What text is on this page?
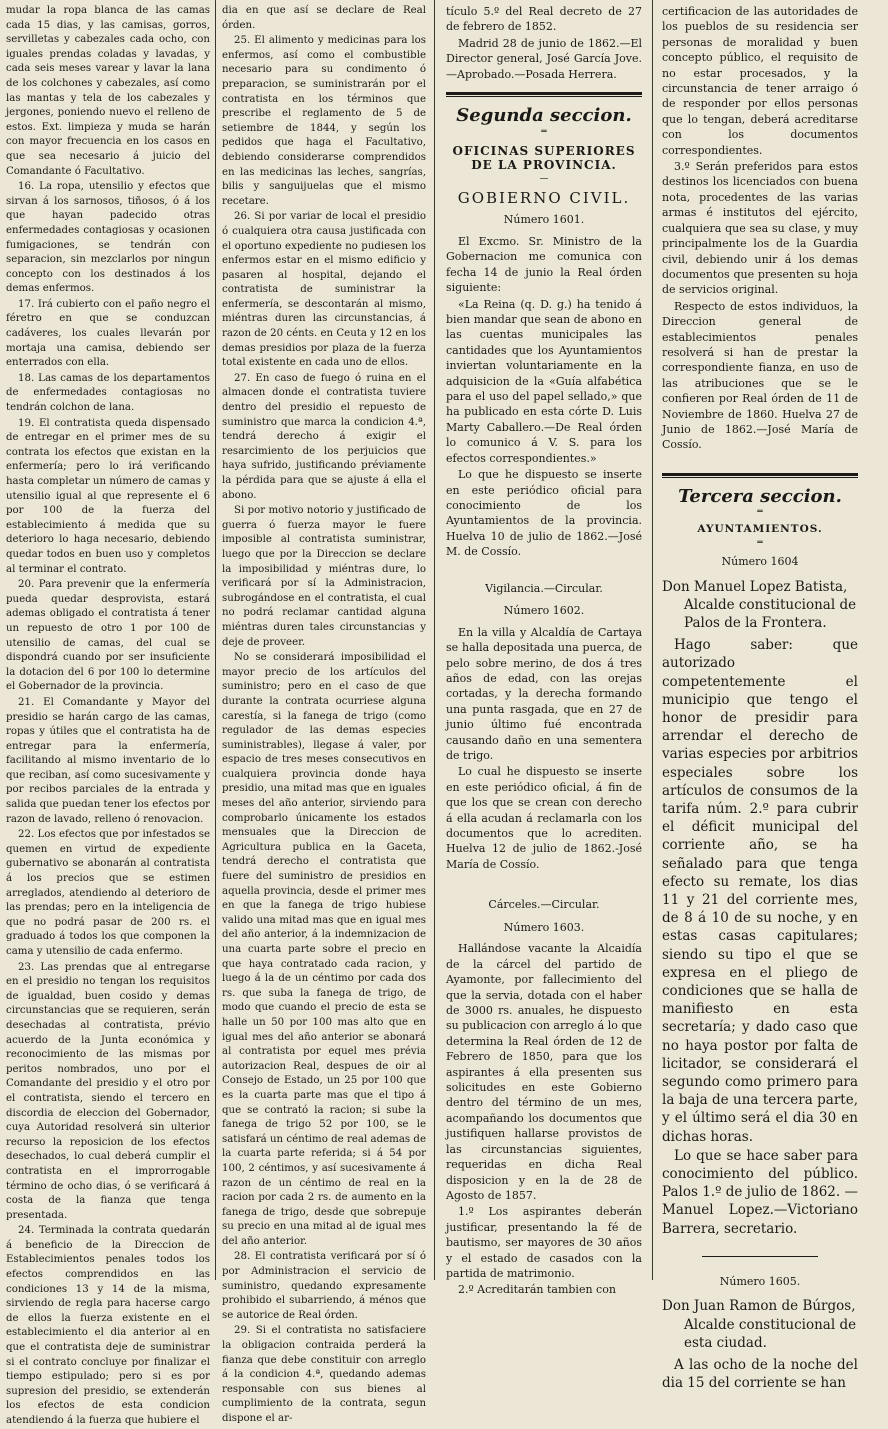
mudar la ropa blanca de las camas cada 15 dias, y las camisas, gorros, servilletas y cabezales cada ocho, con iguales prendas coladas y lavadas, y cada seis meses varear y lavar la lana de los colchones y cabezales, así como las mantas y tela de los cabezales y jergones, poniendo nuevo el relleno de estos. Ext. limpieza y muda se harán con mayor frecuencia en los casos en que sea necesario á juicio del Comandante ó Facultativo.

16. La ropa, utensilio y efectos que sirvan á los sarnosos, tiñosos, ó á los que hayan padecido otras enfermedades contagiosas y ocasionen fumigaciones, se tendrán con separacion, sin mezclarlos por ningun concepto con los destinados á los demas enfermos.

17. Irá cubierto con el paño negro el féretro en que se conduzcan cadáveres, los cuales llevarán por mortaja una camisa, debiendo ser enterrados con ella.

18. Las camas de los departamentos de enfermedades contagiosas no tendrán colchon de lana.

19. El contratista queda dispensado de entregar en el primer mes de su contrata los efectos que existan en la enfermería; pero lo irá verificando hasta completar un número de camas y utensilio igual al que represente el 6 por 100 de la fuerza del establecimiento á medida que su deterioro lo haga necesario, debiendo quedar todos en buen uso y completos al terminar el contrato.

20. Para prevenir que la enfermería pueda quedar desprovista, estará ademas obligado el contratista á tener un repuesto de otro 1 por 100 de utensilio de camas, del cual se dispondrá cuando por ser insuficiente la dotacion del 6 por 100 lo determine el Gobernador de la provincia.

21. El Comandante y Mayor del presidio se harán cargo de las camas, ropas y útiles que el contratista ha de entregar para la enfermería, facilitando al mismo inventario de lo que reciban, así como sucesivamente y por recibos parciales de la entrada y salida que puedan tener los efectos por razon de lavado, relleno ó renovacion.

22. Los efectos que por infestados se quemen en virtud de expediente gubernativo se abonarán al contratista á los precios que se estimen arreglados, atendiendo al deterioro de las prendas; pero en la inteligencia de que no podrá pasar de 200 rs. el graduado á todos los que componen la cama y utensilio de cada enfermo.

23. Las prendas que al entregarse en el presidio no tengan los requisitos de igualdad, buen cosido y demas circunstancias que se requieren, serán desechadas al contratista, prévio acuerdo de la Junta económica y reconocimiento de las mismas por peritos nombrados, uno por el Comandante del presidio y el otro por el contratista, siendo el tercero en discordia de eleccion del Gobernador, cuya Autoridad resolverá sin ulterior recurso la reposicion de los efectos desechados, lo cual deberá cumplir el contratista en el improrrogable término de ocho dias, ó se verificará á costa de la fianza que tenga presentada.

24. Terminada la contrata quedarán á beneficio de la Direccion de Establecimientos penales todos los efectos comprendidos en las condiciones 13 y 14 de la misma, sirviendo de regla para hacerse cargo de ellos la fuerza existente en el establecimiento el dia anterior al en que el contratista deje de suministrar si el contrato concluye por finalizar el tiempo estipulado; pero si es por supresion del presidio, se extenderán los efectos de esta condicion atendiendo á la fuerza que hubiere el

dia en que así se declare de Real órden.

25. El alimento y medicinas para los enfermos, así como el combustible necesario para su condimento ó preparacion, se suministrarán por el contratista en los términos que prescribe el reglamento de 5 de setiembre de 1844, y según los pedidos que haga el Facultativo, debiendo considerarse comprendidos en las medicinas las leches, sangrías, bilis y sanguijuelas que el mismo recetare.

26. Si por variar de local el presidio ó cualquiera otra causa justificada con el oportuno expediente no pudiesen los enfermos estar en el mismo edificio y pasaren al hospital, dejando el contratista de suministrar la enfermería, se descontarán al mismo, miéntras duren las circunstancias, á razon de 20 cénts. en Ceuta y 12 en los demas presidios por plaza de la fuerza total existente en cada uno de ellos.

27. En caso de fuego ó ruina en el almacen donde el contratista tuviere dentro del presidio el repuesto de suministro que marca la condicion 4.ª, tendrá derecho á exigir el resarcimiento de los perjuicios que haya sufrido, justificando préviamente la pérdida para que se ajuste á ella el abono.

Si por motivo notorio y justificado de guerra ó fuerza mayor le fuere imposible al contratista suministrar, luego que por la Direccion se declare la imposibilidad y miéntras dure, lo verificará por sí la Administracion, subrogándose en el contratista, el cual no podrá reclamar cantidad alguna miéntras duren tales circunstancias y deje de proveer.

No se considerará imposibilidad el mayor precio de los artículos del suministro; pero en el caso de que durante la contrata ocurriese alguna carestía, si la fanega de trigo (como regulador de las demas especies suministrables), llegase á valer, por espacio de tres meses consecutivos en cualquiera provincia donde haya presidio, una mitad mas que en iguales meses del año anterior, sirviendo para comprobarlo únicamente los estados mensuales que la Direccion de Agricultura publica en la Gaceta, tendrá derecho el contratista que fuere del suministro de presidios en aquella provincia, desde el primer mes en que la fanega de trigo hubiese valido una mitad mas que en igual mes del año anterior, á la indemnizacion de una cuarta parte sobre el precio en que haya contratado cada racion, y luego á la de un céntimo por cada dos rs. que suba la fanega de trigo, de modo que cuando el precio de esta se halle un 50 por 100 mas alto que en igual mes del año anterior se abonará al contratista por equel mes prévia autorizacion Real, despues de oir al Consejo de Estado, un 25 por 100 que es la cuarta parte mas que el tipo á que se contrató la racion; si sube la fanega de trigo 52 por 100, se le satisfará un céntimo de real ademas de la cuarta parte referida; si á 54 por 100, 2 céntimos, y así sucesivamente á razon de un céntimo de real en la racion por cada 2 rs. de aumento en la fanega de trigo, desde que sobrepuje su precio en una mitad al de igual mes del año anterior.

28. El contratista verificará por sí ó por Administracion el servicio de suministro, quedando expresamente prohibido el subarriendo, á ménos que se autorice de Real órden.

29. Si el contratista no satisfaciere la obligacion contraida perderá la fianza que debe constituir con arreglo á la condicion 4.ª, quedando ademas responsable con sus bienes al cumplimiento de la contrata, segun dispone el ar-

tículo 5.º del Real decreto de 27 de febrero de 1852.

Madrid 28 de junio de 1862.—El Director general, José García Jove.—Aprobado.—Posada Herrera.

Segunda seccion.
═
OFICINAS SUPERIORES DE LA PROVINCIA.
—
GOBIERNO CIVIL.
Número 1601.

El Excmo. Sr. Ministro de la Gobernacion me comunica con fecha 14 de junio la Real órden siguiente:

«La Reina (q. D. g.) ha tenido á bien mandar que sean de abono en las cuentas municipales las cantidades que los Ayuntamientos inviertan voluntariamente en la adquisicion de la «Guía alfabética para el uso del papel sellado,» que ha publicado en esta córte D. Luis Marty Caballero.—De Real órden lo comunico á V. S. para los efectos correspondientes.»

Lo que he dispuesto se inserte en este periódico oficial para conocimiento de los Ayuntamientos de la provincia. Huelva 10 de julio de 1862.—José M. de Cossío.

Vigilancia.—Circular.
Número 1602.

En la villa y Alcaldía de Cartaya se halla depositada una puerca, de pelo sobre merino, de dos á tres años de edad, con las orejas cortadas, y la derecha formando una punta rasgada, que en 27 de junio último fué encontrada causando daño en una sementera de trigo.

Lo cual he dispuesto se inserte en este periódico oficial, á fin de que los que se crean con derecho á ella acudan á reclamarla con los documentos que lo acrediten. Huelva 12 de julio de 1862.-José María de Cossío.

Cárceles.—Circular.
Número 1603.

Hallándose vacante la Alcaidía de la cárcel del partido de Ayamonte, por fallecimiento del que la servia, dotada con el haber de 3000 rs. anuales, he dispuesto su publicacion con arreglo á lo que determina la Real órden de 12 de Febrero de 1850, para que los aspirantes á ella presenten sus solicitudes en este Gobierno dentro del término de un mes, acompañando los documentos que justifiquen hallarse provistos de las circunstancias siguientes, requeridas en dicha Real disposicion y en la de 28 de Agosto de 1857.

1.º Los aspirantes deberán justificar, presentando la fé de bautismo, ser mayores de 30 años y el estado de casados con la partida de matrimonio.

2.º Acreditarán tambien con

certificacion de las autoridades de los pueblos de su residencia ser personas de moralidad y buen concepto público, el requisito de no estar procesados, y la circunstancia de tener arraigo ó de responder por ellos personas que lo tengan, deberá acreditarse con los documentos correspondientes.

3.º Serán preferidos para estos destinos los licenciados con buena nota, procedentes de las varias armas é institutos del ejército, cualquiera que sea su clase, y muy principalmente los de la Guardia civil, debiendo unir á los demas documentos que presenten su hoja de servicios original.

Respecto de estos individuos, la Direccion general de establecimientos penales resolverá si han de prestar la correspondiente fianza, en uso de las atribuciones que se le confieren por Real órden de 11 de Noviembre de 1860. Huelva 27 de Junio de 1862.—José María de Cossío.

Tercera seccion.
═
AYUNTAMIENTOS.
═
Número 1604
Don Manuel Lopez Batista, Alcalde constitucional de Palos de la Frontera.

Hago saber: que autorizado competentemente el municipio que tengo el honor de presidir para arrendar el derecho de varias especies por arbitrios especiales sobre los artículos de consumos de la tarifa núm. 2.º para cubrir el déficit municipal del corriente año, se ha señalado para que tenga efecto su remate, los dias 11 y 21 del corriente mes, de 8 á 10 de su noche, y en estas casas capitulares; siendo su tipo el que se expresa en el pliego de condiciones que se halla de manifiesto en esta secretaría; y dado caso que no haya postor por falta de licitador, se considerará el segundo como primero para la baja de una tercera parte, y el último será el dia 30 en dichas horas.

Lo que se hace saber para conocimiento del público. Palos 1.º de julio de 1862. —Manuel Lopez.—Victoriano Barrera, secretario.

Número 1605.
Don Juan Ramon de Búrgos, Alcalde constitucional de esta ciudad.

A las ocho de la noche del dia 15 del corriente se han
